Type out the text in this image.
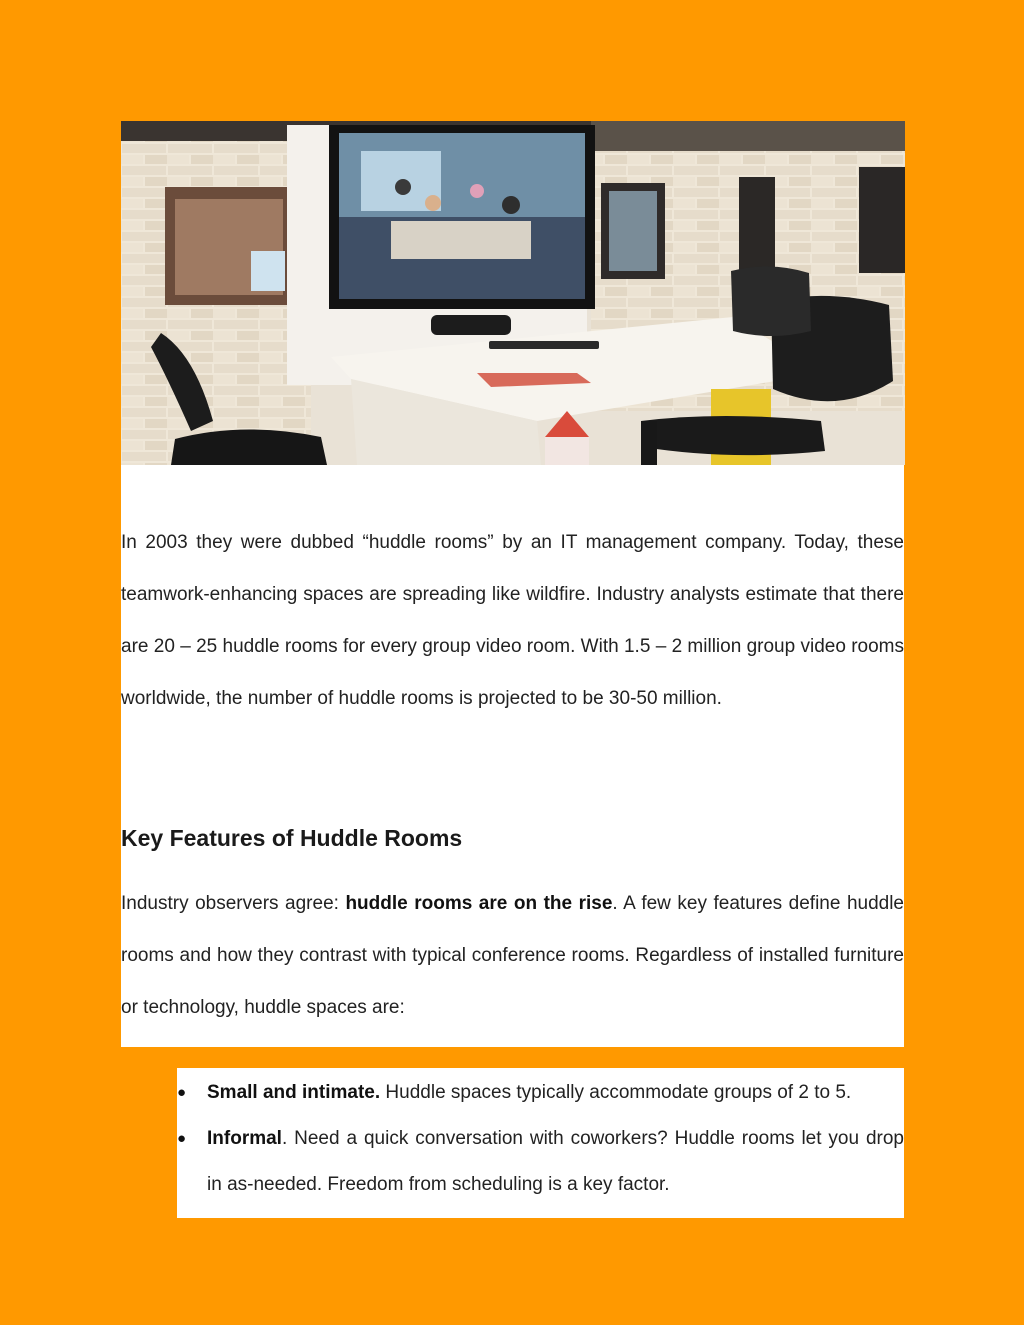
In 2003 they were dubbed “huddle rooms” by an IT management company. Today, these teamwork-enhancing spaces are spreading like wildfire. Industry analysts estimate that there are 20 – 25 huddle rooms for every group video room. With 1.5 – 2 million group video rooms worldwide, the number of huddle rooms is projected to be 30-50 million.

Key Features of Huddle Rooms

Industry observers agree: huddle rooms are on the rise. A few key features define huddle rooms and how they contrast with typical conference rooms. Regardless of installed furniture or technology, huddle spaces are:

●	Small and intimate. Huddle spaces typically accommodate groups of 2 to 5.
●	Informal. Need a quick conversation with coworkers? Huddle rooms let you drop in as-needed. Freedom from scheduling is a key factor.
